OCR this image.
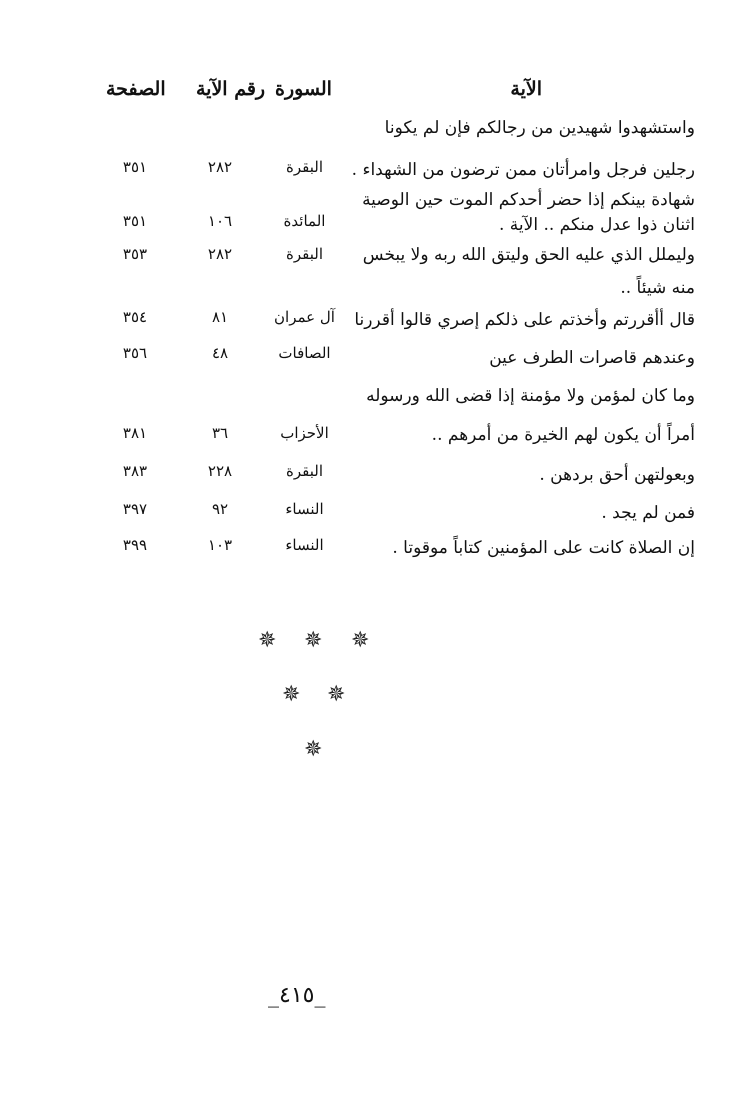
الآية
السورة
رقم الآية
الصفحة
واستشهدوا شهيدين من رجالكم فإن لم يكونا
رجلين فرجل وامرأتان ممن ترضون من الشهداء .
شهادة بينكم إذا حضر أحدكم الموت حين الوصية
اثنان ذوا عدل منكم .. الآية .
وليملل الذي عليه الحق وليتق الله ربه ولا يبخس
منه شيئاً ..
قال أأقررتم وأخذتم على ذلكم إصري قالوا أقررنا
وعندهم قاصرات الطرف عين
وما كان لمؤمن ولا مؤمنة إذا قضى الله ورسوله
أمراً أن يكون لهم الخيرة من أمرهم ..
وبعولتهن أحق بردهن .
فمن لم يجد .
إن الصلاة كانت على المؤمنين كتاباً موقوتا .
البقرة
٢٨٢
٣٥١
المائدة
١٠٦
٣٥١
البقرة
٢٨٢
٣٥٣
آل عمران
٨١
٣٥٤
الصافات
٤٨
٣٥٦
الأحزاب
٣٦
٣٨١
البقرة
٢٢٨
٣٨٣
النساء
٩٢
٣٩٧
النساء
١٠٣
٣٩٩
✵ ✵ ✵
✵ ✵
✵
_٤١٥_
